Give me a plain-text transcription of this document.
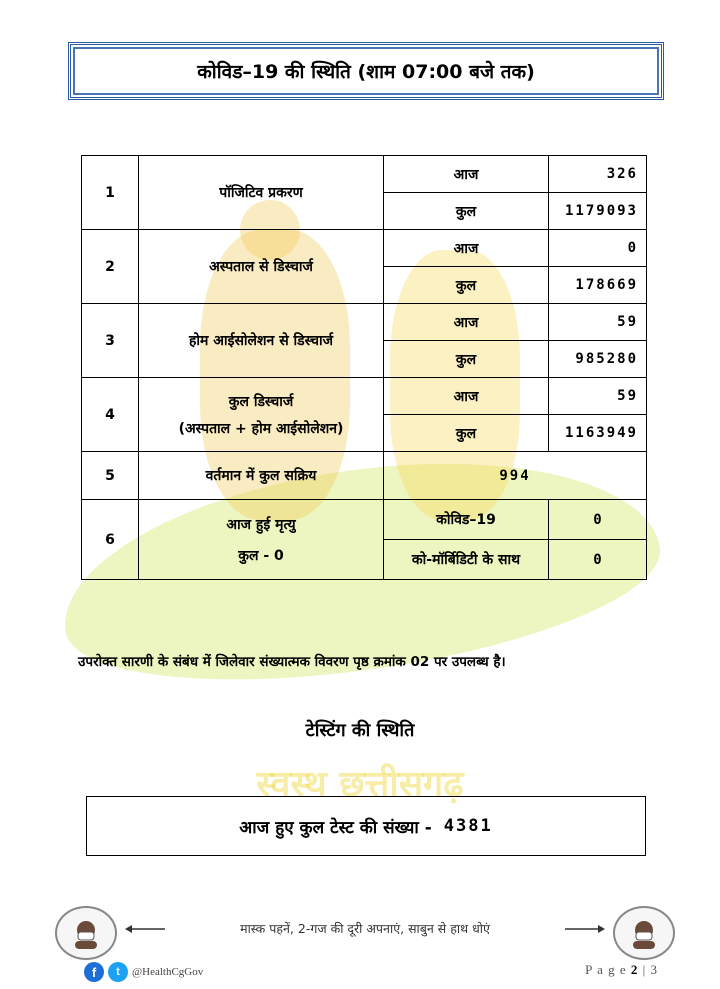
स्वस्थ छत्तीसगढ़
कोविड–19 की स्थिति (शाम 07:00 बजे तक)
1	पॉजिटिव प्रकरण	आज	326
		कुल	1179093
2	अस्पताल से डिस्चार्ज	आज	0
		कुल	178669
3	होम आईसोलेशन से डिस्चार्ज	आज	59
		कुल	985280
4	कुल डिस्चार्ज
(अस्पताल + होम आईसोलेशन)	आज	59
		कुल	1163949
5	वर्तमान में कुल सक्रिय	994	
6	आज हुई मृत्यु
कुल - 0	कोविड–19	0
		को-मॉर्बिडिटी के साथ	0
उपरोक्त सारणी के संबंध में जिलेवार संख्यात्मक विवरण पृष्ठ क्रमांक 02 पर उपलब्ध है।
टेस्टिंग की स्थिति
आज हुए कुल टेस्ट की संख्या - 4381
मास्क पहनें, 2-गज की दूरी अपनाएं, साबुन से हाथ धोएं
f	t	@HealthCgGov	P a g e 2 | 3
